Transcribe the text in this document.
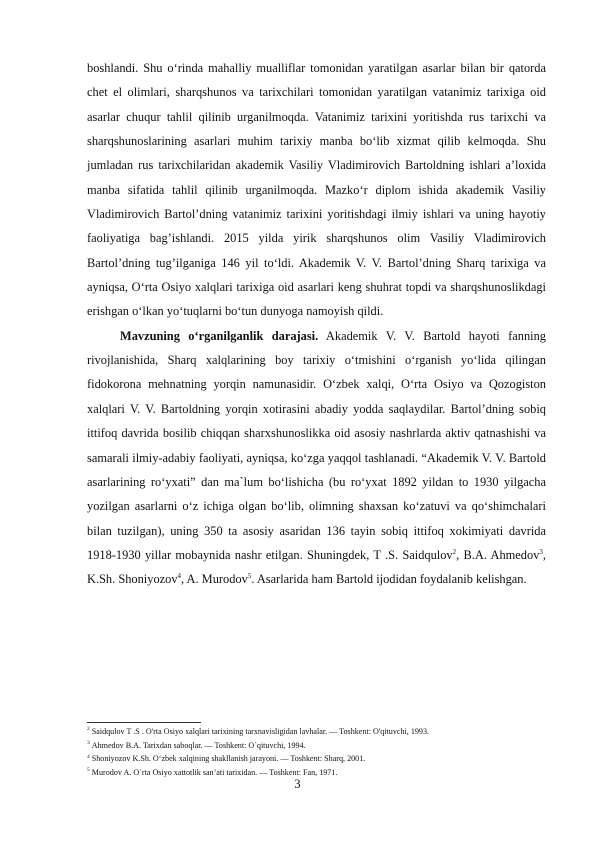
boshlandi. Shu o‘rinda mahalliy mualliflar tomonidan yaratilgan asarlar bilan bir qatorda chet el olimlari, sharqshunos va tarixchilari tomonidan yaratilgan vatanimiz tarixiga oid asarlar chuqur tahlil qilinib urganilmoqda. Vatanimiz tarixini yoritishda rus tarixchi va sharqshunoslarining asarlari muhim tarixiy manba bo‘lib xizmat qilib kelmoqda. Shu jumladan rus tarixchilaridan akademik Vasiliy Vladimirovich Bartoldning ishlari a’loxida manba sifatida tahlil qilinib urganilmoqda. Mazko‘r diplom ishida akademik Vasiliy Vladimirovich Bartol’dning vatanimiz tarixini yoritishdagi ilmiy ishlari va uning hayotiy faoliyatiga bag’ishlandi. 2015 yilda yirik sharqshunos olim Vasiliy Vladimirovich Bartol’dning tug’ilganiga 146 yil to‘ldi. Akademik V. V. Bartol’dning Sharq tarixiga va ayniqsa, O‘rta Osiyo xalqlari tarixiga oid asarlari keng shuhrat topdi va sharqshunoslikdagi erishgan o‘lkan yo‘tuqlarni bo‘tun dunyoga namoyish qildi.

Mavzuning o‘rganilganlik darajasi. Akademik V. V. Bartold hayoti fanning rivojlanishida, Sharq xalqlarining boy tarixiy o‘tmishini o‘rganish yo‘lida qilingan fidokorona mehnatning yorqin namunasidir. O‘zbek xalqi, O‘rta Osiyo va Qozogiston xalqlari V. V. Bartoldning yorqin xotirasini abadiy yodda saqlaydilar. Bartol’dning sobiq ittifoq davrida bosilib chiqqan sharxshunoslikka oid asosiy nashrlarda aktiv qatnashishi va samarali ilmiy-adabiy faoliyati, ayniqsa, ko‘zga yaqqol tashlanadi. “Akademik V. V. Bartold asarlarining ro‘yxati” dan ma`lum bo‘lishicha (bu ro‘yxat 1892 yildan to 1930 yilgacha yozilgan asarlarni o‘z ichiga olgan bo‘lib, olimning shaxsan ko‘zatuvi va qo‘shimchalari bilan tuzilgan), uning 350 ta asosiy asaridan 136 tayin sobiq ittifoq xokimiyati davrida 1918-1930 yillar mobaynida nashr etilgan. Shuningdek, T .S. Saidqulov$^2$, B.A. Ahmedov$^3$, K.Sh. Shoniyozov$^4$, A. Murodov$^5$. Asarlarida ham Bartold ijodidan foydalanib kelishgan.

$^2$ Saidqulov T .S . O'rta Osiyo xalqlari tarixining tarxnavisligidan lavhalar. — Toshkent: O'qituvchi, 1993.

$^3$ Ahmedov B.A. Tarixdan saboqlar. — Toshkent: O`qituvchi, 1994.

$^4$ Shoniyozov K.Sh. O‘zbek xalqining shakllanish jarayoni. — Toshkent: Sharq, 2001.

$^5$ Murodov A. O`rta Osiyo xattotlik san’ati tarixidan. — Toshkent: Fan, 1971.

3
